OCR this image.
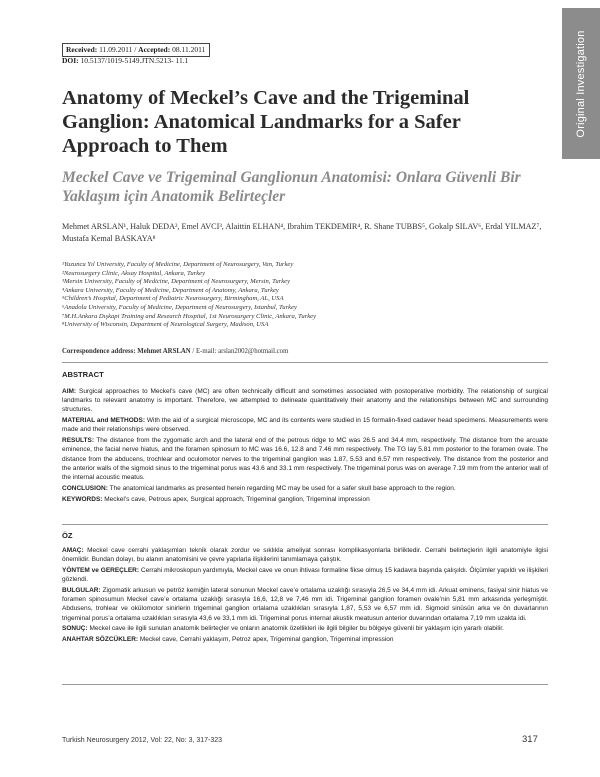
Original Investigation
Received: 11.09.2011 / Accepted: 08.11.2011
DOI: 10.5137/1019-5149.JTN.5213- 11.1
Anatomy of Meckel’s Cave and the Trigeminal Ganglion: Anatomical Landmarks for a Safer Approach to Them
Meckel Cave ve Trigeminal Ganglionun Anatomisi: Onlara Güvenli Bir Yaklaşım için Anatomik Belirteçler
Mehmet ARSLAN¹, Haluk DEDA², Emel AVCI³, Alaittin ELHAN⁴, Ibrahim TEKDEMIR⁴, R. Shane TUBBS⁵, Gokalp SILAV⁶, Erdal YILMAZ⁷, Mustafa Kemal BASKAYA⁸
¹Yuzuncu Yıl University, Faculty of Medicine, Department of Neurosurgery, Van, Turkey
²Neurosurgery Clinic, Aksay Hospital, Ankara, Turkey
³Mersin University, Faculty of Medicine, Department of Neurosurgery, Mersin, Turkey
⁴Ankara University, Faculty of Medicine, Department of Anatomy, Ankara, Turkey
⁵Children’s Hospital, Department of Pediatric Neurosurgery, Birmingham, AL, USA
⁶Anadolu University, Faculty of Medicine, Department of Neurosurgery, Istanbul, Turkey
⁷M.H.Ankara Dışkapi Training and Research Hospital, 1st Neurosurgery Clinic, Ankara, Turkey
⁸University of Wisconsin, Department of Neurological Surgery, Madison, USA
Correspondence address: Mehmet ARSLAN / E-mail: arslan2002@hotmail.com
ABSTRACT

AIM: Surgical approaches to Meckel’s cave (MC) are often technically difficult and sometimes associated with postoperative morbidity. The relationship of surgical landmarks to relevant anatomy is important. Therefore, we attempted to delineate quantitatively their anatomy and the relationships between MC and surrounding structures.

MATERIAL and METHODS: With the aid of a surgical microscope, MC and its contents were studied in 15 formalin-fixed cadaver head specimens. Measurements were made and their relationships were observed.

RESULTS: The distance from the zygomatic arch and the lateral end of the petrous ridge to MC was 26.5 and 34.4 mm, respectively. The distance from the arcuate eminence, the facial nerve hiatus, and the foramen spinosum to MC was 16.6, 12.8 and 7.46 mm respectively. The TG lay 5.81 mm posterior to the foramen ovale. The distance from the abducens, trochlear and oculomotor nerves to the trigeminal ganglion was 1.87, 5.53 and 6.57 mm respectively. The distance from the posterior and the anterior walls of the sigmoid sinus to the trigeminal porus was 43.6 and 33.1 mm respectively. The trigeminal porus was on average 7.19 mm from the anterior wall of the internal acoustic meatus.

CONCLUSION: The anatomical landmarks as presented herein regarding MC may be used for a safer skull base approach to the region.

KEYWORDS: Meckel’s cave, Petrous apex, Surgical approach, Trigeminal ganglion, Trigeminal impression

ÖZ

AMAÇ: Meckel cave cerrahi yaklaşımları teknik olarak zordur ve sıklıkla ameliyat sonrası komplikasyonlarla birliktedir. Cerrahi belirteçlerin ilgili anatomiyle ilgisi önemlidir. Bundan dolayı, bu alanın anatomisini ve çevre yapılarla ilişkilerini tanımlamaya çalıştık.

YÖNTEM ve GEREÇLER: Cerrahi mikroskopun yardımıyla, Meckel cave ve onun ihtivası formaline fikse olmuş 15 kadavra başında çalışıldı. Ölçümler yapıldı ve ilişkileri gözlendi.

BULGULAR: Zigomatik arkusun ve petröz kemiğin lateral sonunun Meckel cave’e ortalama uzaklığı sırasıyla 26,5 ve 34,4 mm idi. Arkuat eminens, fasiyal sinir hiatus ve foramen spinosumun Meckel cave’e ortalama uzaklığı sırasıyla 16,6, 12,8 ve 7,46 mm idi. Trigeminal ganglion foramen ovale’nin 5,81 mm arkasında yerleşmiştir. Abdusens, trohlear ve okülomotor sinirlerin trigeminal ganglion ortalama uzaklıkları sırasıyla 1,87, 5,53 ve 6,57 mm idi. Sigmoid sinüsün arka ve ön duvarlarının trigeminal porus’a ortalama uzaklıkları sırasıyla 43,6 ve 33,1 mm idi. Trigeminal porus internal akustik meatusun anterior duvarından ortalama 7,19 mm uzakta idi.

SONUÇ: Meckel cave ile ilgili sunulan anatomik belirteçler ve onların anatomik özellikleri ile ilgili bilgiler bu bölgeye güvenli bir yaklaşım için yararlı olabilir.

ANAHTAR SÖZCÜKLER: Meckel cave, Cerrahi yaklaşım, Petroz apex, Trigeminal ganglion, Trigeminal impression

Turkish Neurosurgery 2012, Vol: 22, No: 3, 317-323	317
